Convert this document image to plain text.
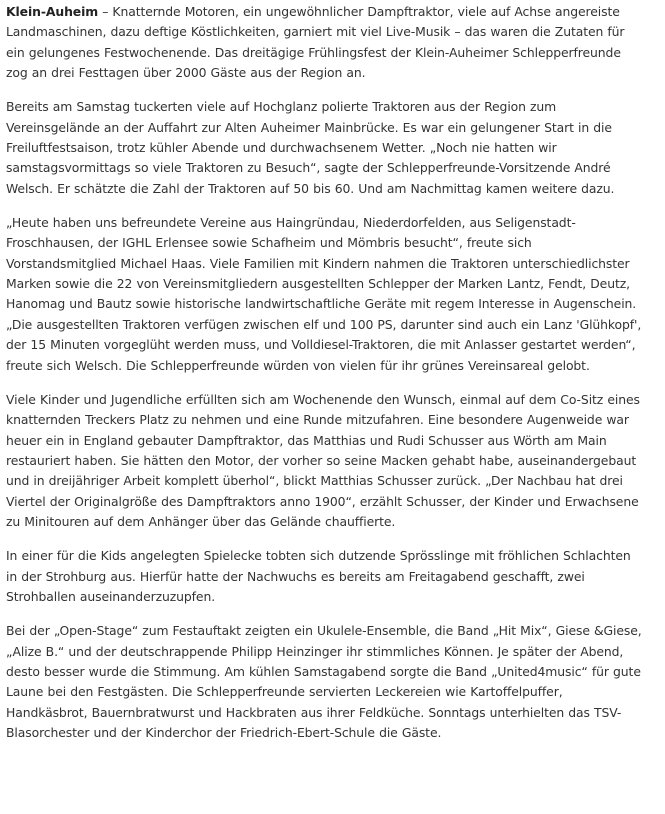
Klein-Auheim – Knatternde Motoren, ein ungewöhnlicher Dampftraktor, viele auf Achse angereiste Landmaschinen, dazu deftige Köstlichkeiten, garniert mit viel Live-Musik – das waren die Zutaten für ein gelungenes Festwochenende. Das dreitägige Frühlingsfest der Klein-Auheimer Schlepperfreunde zog an drei Festtagen über 2000 Gäste aus der Region an.

Bereits am Samstag tuckerten viele auf Hochglanz polierte Traktoren aus der Region zum Vereinsgelände an der Auffahrt zur Alten Auheimer Mainbrücke. Es war ein gelungener Start in die Freiluftfestsaison, trotz kühler Abende und durchwachsenem Wetter. „Noch nie hatten wir samstagsvormittags so viele Traktoren zu Besuch“, sagte der Schlepperfreunde-Vorsitzende André Welsch. Er schätzte die Zahl der Traktoren auf 50 bis 60. Und am Nachmittag kamen weitere dazu.

„Heute haben uns befreundete Vereine aus Haingründau, Niederdorfelden, aus Seligenstadt-Froschhausen, der IGHL Erlensee sowie Schafheim und Mömbris besucht“, freute sich Vorstandsmitglied Michael Haas. Viele Familien mit Kindern nahmen die Traktoren unterschiedlichster Marken sowie die 22 von Vereinsmitgliedern ausgestellten Schlepper der Marken Lantz, Fendt, Deutz, Hanomag und Bautz sowie historische landwirtschaftliche Geräte mit regem Interesse in Augenschein. „Die ausgestellten Traktoren verfügen zwischen elf und 100 PS, darunter sind auch ein Lanz 'Glühkopf', der 15 Minuten vorgeglüht werden muss, und Volldiesel-Traktoren, die mit Anlasser gestartet werden“, freute sich Welsch. Die Schlepperfreunde würden von vielen für ihr grünes Vereinsareal gelobt.

Viele Kinder und Jugendliche erfüllten sich am Wochenende den Wunsch, einmal auf dem Co-Sitz eines knatternden Treckers Platz zu nehmen und eine Runde mitzufahren. Eine besondere Augenweide war heuer ein in England gebauter Dampftraktor, das Matthias und Rudi Schusser aus Wörth am Main restauriert haben. Sie hätten den Motor, der vorher so seine Macken gehabt habe, auseinandergebaut und in dreijähriger Arbeit komplett überhol“, blickt Matthias Schusser zurück. „Der Nachbau hat drei Viertel der Originalgröße des Dampftraktors anno 1900“, erzählt Schusser, der Kinder und Erwachsene zu Minitouren auf dem Anhänger über das Gelände chauffierte.

In einer für die Kids angelegten Spielecke tobten sich dutzende Sprösslinge mit fröhlichen Schlachten in der Strohburg aus. Hierfür hatte der Nachwuchs es bereits am Freitagabend geschafft, zwei Strohballen auseinanderzuzupfen.

Bei der „Open-Stage“ zum Festauftakt zeigten ein Ukulele-Ensemble, die Band „Hit Mix“, Giese &Giese, „Alize B.“ und der deutschrappende Philipp Heinzinger ihr stimmliches Können. Je später der Abend, desto besser wurde die Stimmung. Am kühlen Samstagabend sorgte die Band „United4music“ für gute Laune bei den Festgästen. Die Schlepperfreunde servierten Leckereien wie Kartoffelpuffer, Handkäsbrot, Bauernbratwurst und Hackbraten aus ihrer Feldküche. Sonntags unterhielten das TSV-Blasorchester und der Kinderchor der Friedrich-Ebert-Schule die Gäste.
